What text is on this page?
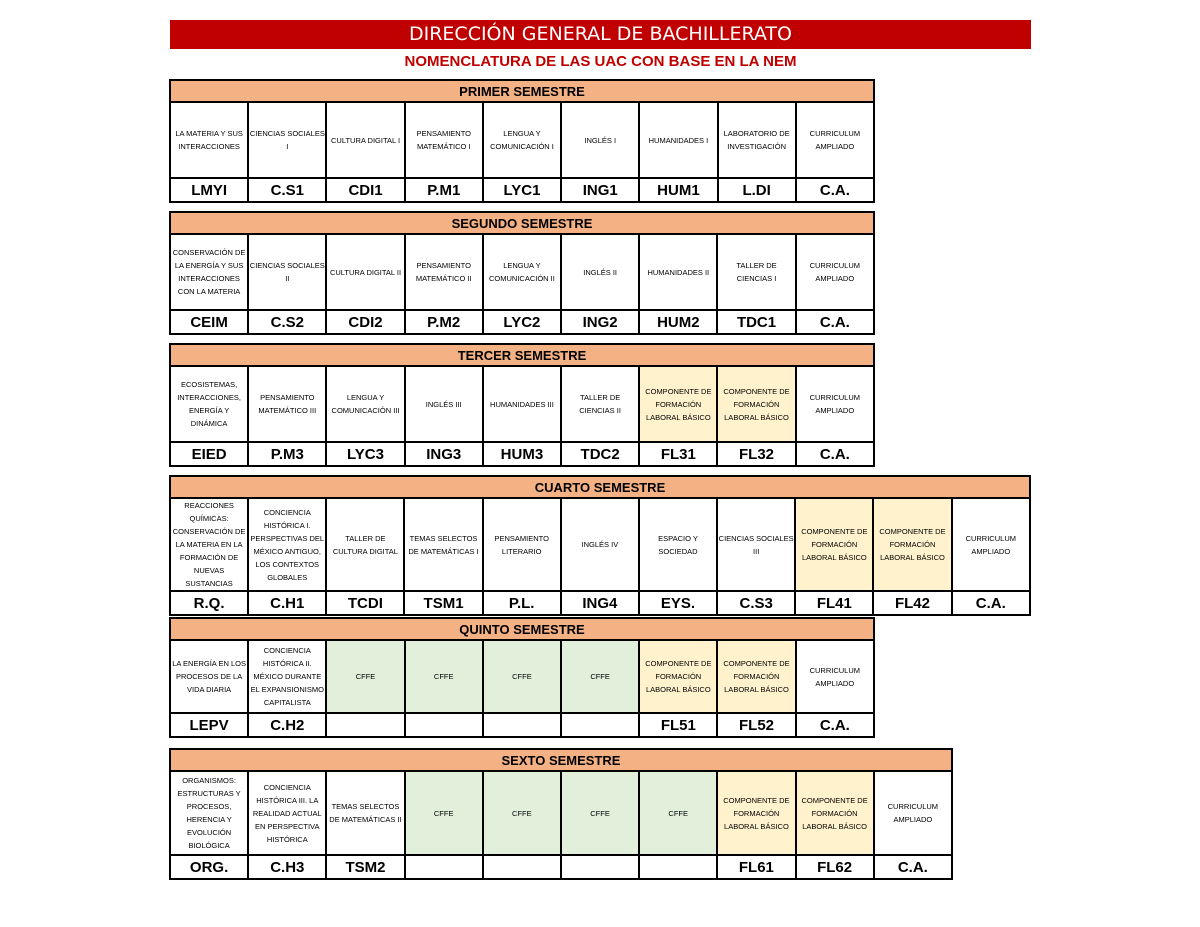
DIRECCIÓN GENERAL DE BACHILLERATO
NOMENCLATURA DE LAS UAC CON BASE EN LA NEM
PRIMER SEMESTRE								
LA MATERIA Y SUS INTERACCIONES	CIENCIAS SOCIALES I	CULTURA DIGITAL I	PENSAMIENTO MATEMÁTICO I	LENGUA Y COMUNICACIÓN I	INGLÉS I	HUMANIDADES I	LABORATORIO DE INVESTIGACIÓN	CURRICULUM AMPLIADO
LMYI	C.S1	CDI1	P.M1	LYC1	ING1	HUM1	L.DI	C.A.
SEGUNDO SEMESTRE								
CONSERVACIÓN DE LA ENERGÍA Y SUS INTERACCIONES CON LA MATERIA	CIENCIAS SOCIALES II	CULTURA DIGITAL II	PENSAMIENTO MATEMÁTICO II	LENGUA Y COMUNICACIÓN II	INGLÉS II	HUMANIDADES II	TALLER DE CIENCIAS I	CURRICULUM AMPLIADO
CEIM	C.S2	CDI2	P.M2	LYC2	ING2	HUM2	TDC1	C.A.
TERCER SEMESTRE								
ECOSISTEMAS, INTERACCIONES, ENERGÍA Y DINÁMICA	PENSAMIENTO MATEMÁTICO III	LENGUA Y COMUNICACIÓN III	INGLÉS III	HUMANIDADES III	TALLER DE CIENCIAS II	COMPONENTE DE FORMACIÓN LABORAL BÁSICO	COMPONENTE DE FORMACIÓN LABORAL BÁSICO	CURRICULUM AMPLIADO
EIED	P.M3	LYC3	ING3	HUM3	TDC2	FL31	FL32	C.A.
CUARTO SEMESTRE										
REACCIONES QUÍMICAS: CONSERVACIÓN DE LA MATERIA EN LA FORMACIÓN DE NUEVAS SUSTANCIAS	CONCIENCIA HISTÓRICA I. PERSPECTIVAS DEL MÉXICO ANTIGUO, LOS CONTEXTOS GLOBALES	TALLER DE CULTURA DIGITAL	TEMAS SELECTOS DE MATEMÁTICAS I	PENSAMIENTO LITERARIO	INGLÉS IV	ESPACIO Y SOCIEDAD	CIENCIAS SOCIALES III	COMPONENTE DE FORMACIÓN LABORAL BÁSICO	COMPONENTE DE FORMACIÓN LABORAL BÁSICO	CURRICULUM AMPLIADO
R.Q.	C.H1	TCDI	TSM1	P.L.	ING4	EYS.	C.S3	FL41	FL42	C.A.
QUINTO SEMESTRE								
LA ENERGÍA EN LOS PROCESOS DE LA VIDA DIARIA	CONCIENCIA HISTÓRICA II. MÉXICO DURANTE EL EXPANSIONISMO CAPITALISTA	CFFE	CFFE	CFFE	CFFE	COMPONENTE DE FORMACIÓN LABORAL BÁSICO	COMPONENTE DE FORMACIÓN LABORAL BÁSICO	CURRICULUM AMPLIADO
LEPV	C.H2					FL51	FL52	C.A.
SEXTO SEMESTRE									
ORGANISMOS: ESTRUCTURAS Y PROCESOS, HERENCIA Y EVOLUCIÓN BIOLÓGICA	CONCIENCIA HISTÓRICA III. LA REALIDAD ACTUAL EN PERSPECTIVA HISTÓRICA	TEMAS SELECTOS DE MATEMÁTICAS II	CFFE	CFFE	CFFE	CFFE	COMPONENTE DE FORMACIÓN LABORAL BÁSICO	COMPONENTE DE FORMACIÓN LABORAL BÁSICO	CURRICULUM AMPLIADO
ORG.	C.H3	TSM2					FL61	FL62	C.A.
